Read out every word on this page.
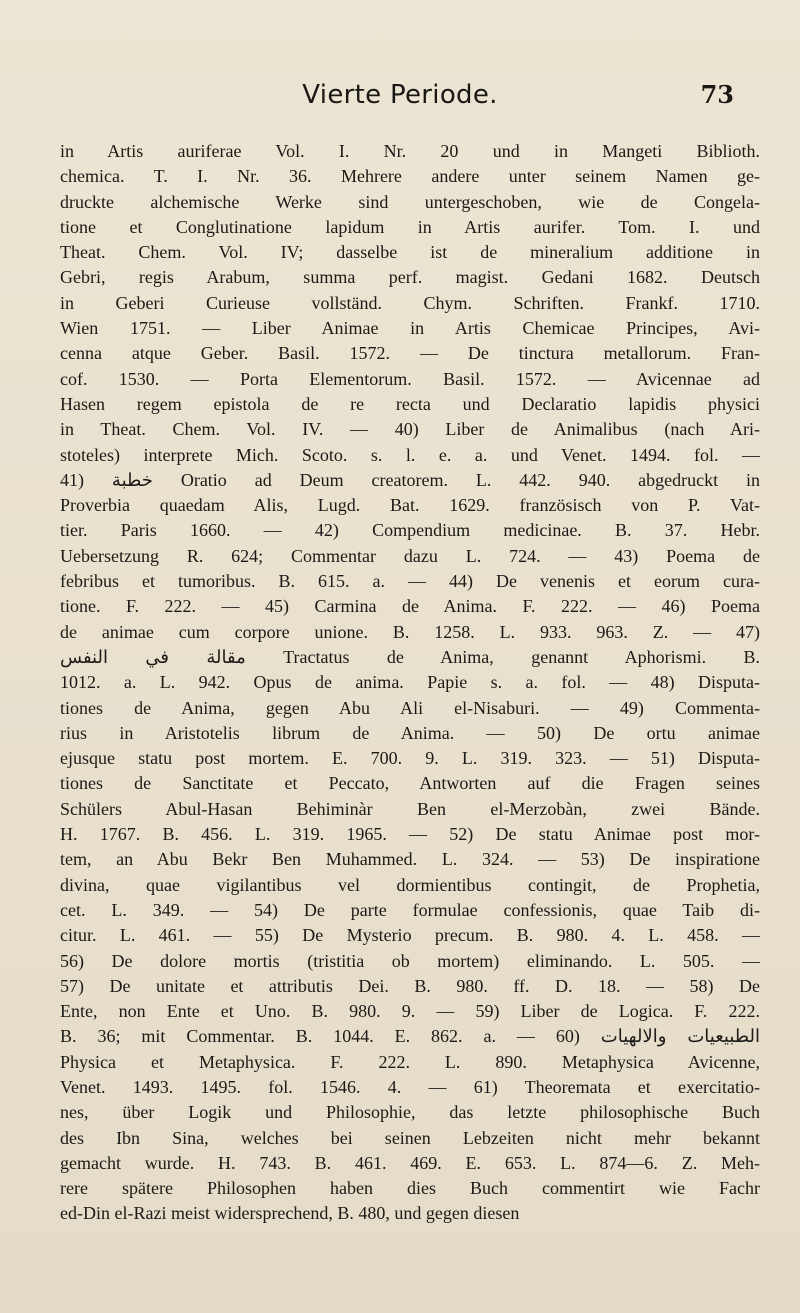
Vierte Periode.	73
in Artis auriferae Vol. I. Nr. 20 und in Mangeti Biblioth.
chemica. T. I. Nr. 36. Mehrere andere unter seinem Namen ge-
druckte alchemische Werke sind untergeschoben, wie de Congela-
tione et Conglutinatione lapidum in Artis aurifer. Tom. I. und
Theat. Chem. Vol. IV; dasselbe ist de mineralium additione in
Gebri, regis Arabum, summa perf. magist. Gedani 1682. Deutsch
in Geberi Curieuse vollständ. Chym. Schriften. Frankf. 1710.
Wien 1751. — Liber Animae in Artis Chemicae Principes, Avi-
cenna atque Geber. Basil. 1572. — De tinctura metallorum. Fran-
cof. 1530. — Porta Elementorum. Basil. 1572. — Avicennae ad
Hasen regem epistola de re recta und Declaratio lapidis physici
in Theat. Chem. Vol. IV. — 40) Liber de Animalibus (nach Ari-
stoteles) interprete Mich. Scoto. s. l. e. a. und Venet. 1494. fol. —
41) خطبة Oratio ad Deum creatorem. L. 442. 940. abgedruckt in
Proverbia quaedam Alis, Lugd. Bat. 1629. französisch von P. Vat-
tier. Paris 1660. — 42) Compendium medicinae. B. 37. Hebr.
Uebersetzung R. 624; Commentar dazu L. 724. — 43) Poema de
febribus et tumoribus. B. 615. a. — 44) De venenis et eorum cura-
tione. F. 222. — 45) Carmina de Anima. F. 222. — 46) Poema
de animae cum corpore unione. B. 1258. L. 933. 963. Z. — 47)
مقالة في النفس Tractatus de Anima, genannt Aphorismi. B.
1012. a. L. 942. Opus de anima. Papie s. a. fol. — 48) Disputa-
tiones de Anima, gegen Abu Ali el-Nisaburi. — 49) Commenta-
rius in Aristotelis librum de Anima. — 50) De ortu animae
ejusque statu post mortem. E. 700. 9. L. 319. 323. — 51) Disputa-
tiones de Sanctitate et Peccato, Antworten auf die Fragen seines
Schülers Abul-Hasan Behiminàr Ben el-Merzobàn, zwei Bände.
H. 1767. B. 456. L. 319. 1965. — 52) De statu Animae post mor-
tem, an Abu Bekr Ben Muhammed. L. 324. — 53) De inspiratione
divina, quae vigilantibus vel dormientibus contingit, de Prophetia,
cet. L. 349. — 54) De parte formulae confessionis, quae Taib di-
citur. L. 461. — 55) De Mysterio precum. B. 980. 4. L. 458. —
56) De dolore mortis (tristitia ob mortem) eliminando. L. 505. —
57) De unitate et attributis Dei. B. 980. ff. D. 18. — 58) De
Ente, non Ente et Uno. B. 980. 9. — 59) Liber de Logica. F. 222.
B. 36; mit Commentar. B. 1044. E. 862. a. — 60) الطبيعيات والالهيات
Physica et Metaphysica. F. 222. L. 890. Metaphysica Avicenne,
Venet. 1493. 1495. fol. 1546. 4. — 61) Theoremata et exercitatio-
nes, über Logik und Philosophie, das letzte philosophische Buch
des Ibn Sina, welches bei seinen Lebzeiten nicht mehr bekannt
gemacht wurde. H. 743. B. 461. 469. E. 653. L. 874—6. Z. Meh-
rere spätere Philosophen haben dies Buch commentirt wie Fachr
ed-Din el-Razi meist widersprechend, B. 480, und gegen diesen
